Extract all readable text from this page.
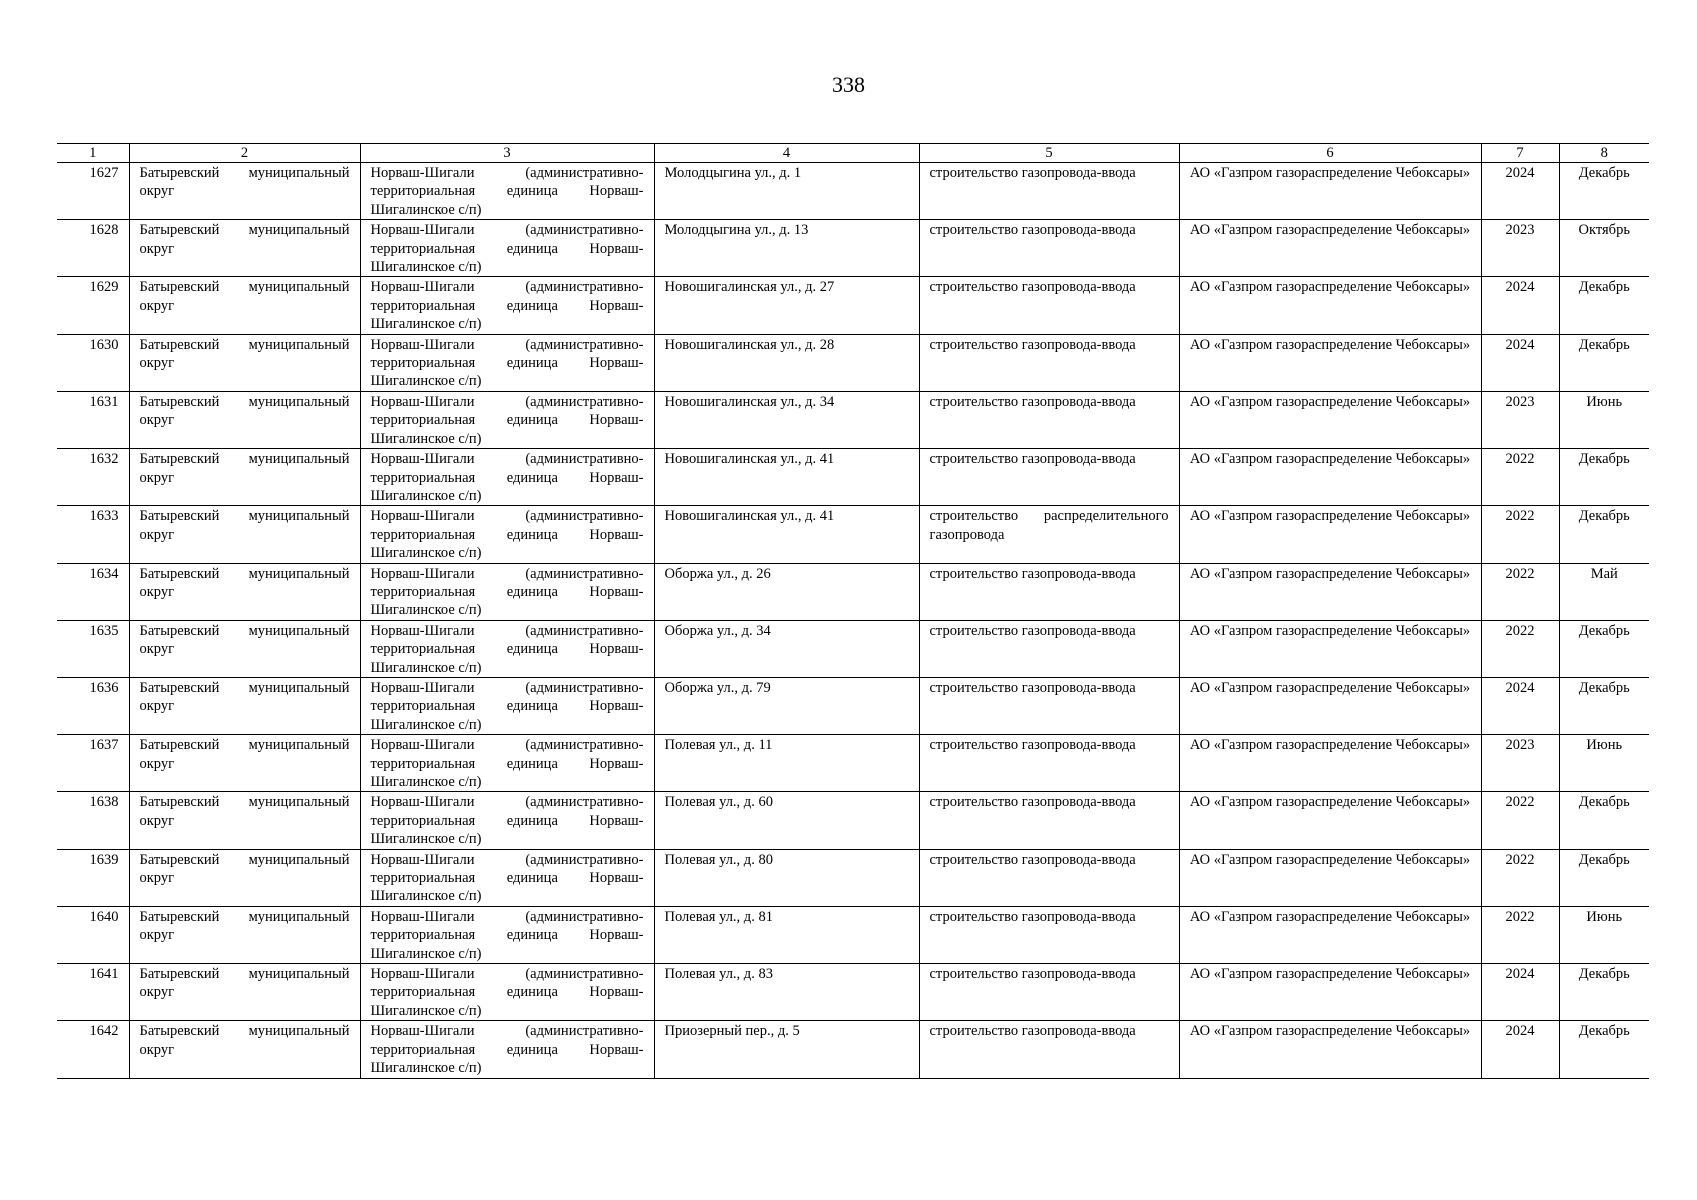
338
1	2	3	4	5	6	7	8
1627	Батыревский муниципальный округ	Норваш-Шигали (административно-территориальная единица Норваш-Шигалинское с/п)	Молодцыгина ул., д. 1	строительство газопровода-ввода	АО «Газпром газораспределение Чебоксары»	2024	Декабрь
1628	Батыревский муниципальный округ	Норваш-Шигали (административно-территориальная единица Норваш-Шигалинское с/п)	Молодцыгина ул., д. 13	строительство газопровода-ввода	АО «Газпром газораспределение Чебоксары»	2023	Октябрь
1629	Батыревский муниципальный округ	Норваш-Шигали (административно-территориальная единица Норваш-Шигалинское с/п)	Новошигалинская ул., д. 27	строительство газопровода-ввода	АО «Газпром газораспределение Чебоксары»	2024	Декабрь
1630	Батыревский муниципальный округ	Норваш-Шигали (административно-территориальная единица Норваш-Шигалинское с/п)	Новошигалинская ул., д. 28	строительство газопровода-ввода	АО «Газпром газораспределение Чебоксары»	2024	Декабрь
1631	Батыревский муниципальный округ	Норваш-Шигали (административно-территориальная единица Норваш-Шигалинское с/п)	Новошигалинская ул., д. 34	строительство газопровода-ввода	АО «Газпром газораспределение Чебоксары»	2023	Июнь
1632	Батыревский муниципальный округ	Норваш-Шигали (административно-территориальная единица Норваш-Шигалинское с/п)	Новошигалинская ул., д. 41	строительство газопровода-ввода	АО «Газпром газораспределение Чебоксары»	2022	Декабрь
1633	Батыревский муниципальный округ	Норваш-Шигали (административно-территориальная единица Норваш-Шигалинское с/п)	Новошигалинская ул., д. 41	строительство распределительного газопровода	АО «Газпром газораспределение Чебоксары»	2022	Декабрь
1634	Батыревский муниципальный округ	Норваш-Шигали (административно-территориальная единица Норваш-Шигалинское с/п)	Оборжа ул., д. 26	строительство газопровода-ввода	АО «Газпром газораспределение Чебоксары»	2022	Май
1635	Батыревский муниципальный округ	Норваш-Шигали (административно-территориальная единица Норваш-Шигалинское с/п)	Оборжа ул., д. 34	строительство газопровода-ввода	АО «Газпром газораспределение Чебоксары»	2022	Декабрь
1636	Батыревский муниципальный округ	Норваш-Шигали (административно-территориальная единица Норваш-Шигалинское с/п)	Оборжа ул., д. 79	строительство газопровода-ввода	АО «Газпром газораспределение Чебоксары»	2024	Декабрь
1637	Батыревский муниципальный округ	Норваш-Шигали (административно-территориальная единица Норваш-Шигалинское с/п)	Полевая ул., д. 11	строительство газопровода-ввода	АО «Газпром газораспределение Чебоксары»	2023	Июнь
1638	Батыревский муниципальный округ	Норваш-Шигали (административно-территориальная единица Норваш-Шигалинское с/п)	Полевая ул., д. 60	строительство газопровода-ввода	АО «Газпром газораспределение Чебоксары»	2022	Декабрь
1639	Батыревский муниципальный округ	Норваш-Шигали (административно-территориальная единица Норваш-Шигалинское с/п)	Полевая ул., д. 80	строительство газопровода-ввода	АО «Газпром газораспределение Чебоксары»	2022	Декабрь
1640	Батыревский муниципальный округ	Норваш-Шигали (административно-территориальная единица Норваш-Шигалинское с/п)	Полевая ул., д. 81	строительство газопровода-ввода	АО «Газпром газораспределение Чебоксары»	2022	Июнь
1641	Батыревский муниципальный округ	Норваш-Шигали (административно-территориальная единица Норваш-Шигалинское с/п)	Полевая ул., д. 83	строительство газопровода-ввода	АО «Газпром газораспределение Чебоксары»	2024	Декабрь
1642	Батыревский муниципальный округ	Норваш-Шигали (административно-территориальная единица Норваш-Шигалинское с/п)	Приозерный пер., д. 5	строительство газопровода-ввода	АО «Газпром газораспределение Чебоксары»	2024	Декабрь
